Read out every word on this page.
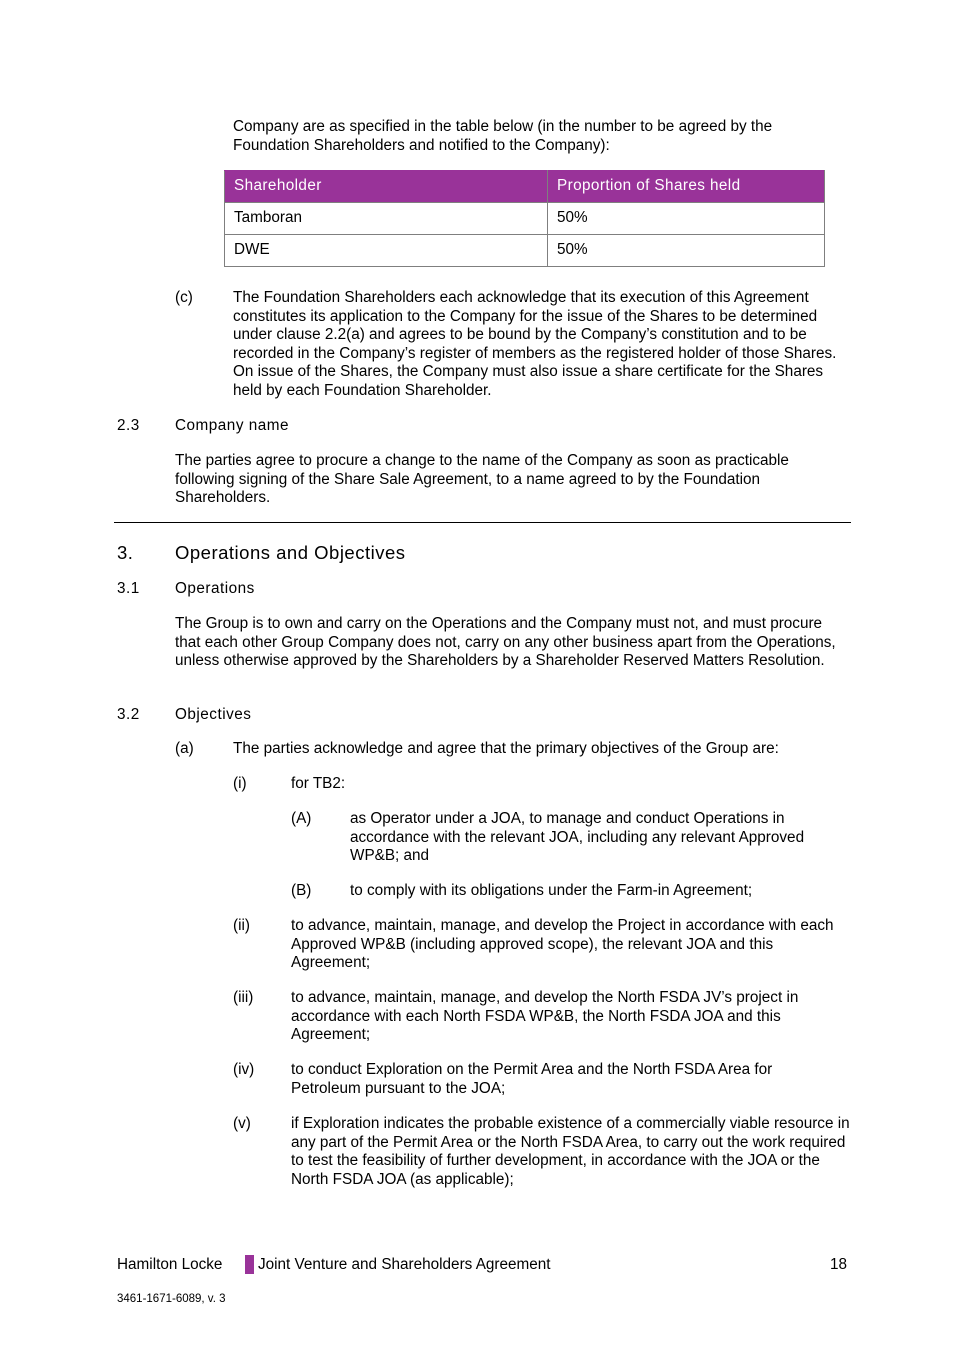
Company are as specified in the table below (in the number to be agreed by the Foundation Shareholders and notified to the Company):

Shareholder	Proportion of Shares held
Tamboran	50%
DWE	50%
(c)	The Foundation Shareholders each acknowledge that its execution of this Agreement constitutes its application to the Company for the issue of the Shares to be determined under clause 2.2(a) and agrees to be bound by the Company’s constitution and to be recorded in the Company’s register of members as the registered holder of those Shares. On issue of the Shares, the Company must also issue a share certificate for the Shares held by each Foundation Shareholder.

2.3 Company name

The parties agree to procure a change to the name of the Company as soon as practicable following signing of the Share Sale Agreement, to a name agreed to by the Foundation Shareholders.

3. Operations and Objectives
3.1 Operations

The Group is to own and carry on the Operations and the Company must not, and must procure that each other Group Company does not, carry on any other business apart from the Operations, unless otherwise approved by the Shareholders by a Shareholder Reserved Matters Resolution.

3.2 Objectives
(a)	The parties acknowledge and agree that the primary objectives of the Group are:

(i)	for TB2:

(A)	as Operator under a JOA, to manage and conduct Operations in accordance with the relevant JOA, including any relevant Approved WP&B; and

(B)	to comply with its obligations under the Farm-in Agreement;

(ii)	to advance, maintain, manage, and develop the Project in accordance with each Approved WP&B (including approved scope), the relevant JOA and this Agreement;

(iii) to advance, maintain, manage, and develop the North FSDA JV’s project in accordance with each North FSDA WP&B, the North FSDA JOA and this Agreement;

(iv) to conduct Exploration on the Permit Area and the North FSDA Area for Petroleum pursuant to the JOA;

(v)	if Exploration indicates the probable existence of a commercially viable resource in any part of the Permit Area or the North FSDA Area, to carry out the work required to test the feasibility of further development, in accordance with the JOA or the North FSDA JOA (as applicable);

Hamilton Locke Joint Venture and Shareholders Agreement	18
3461-1671-6089, v. 3
